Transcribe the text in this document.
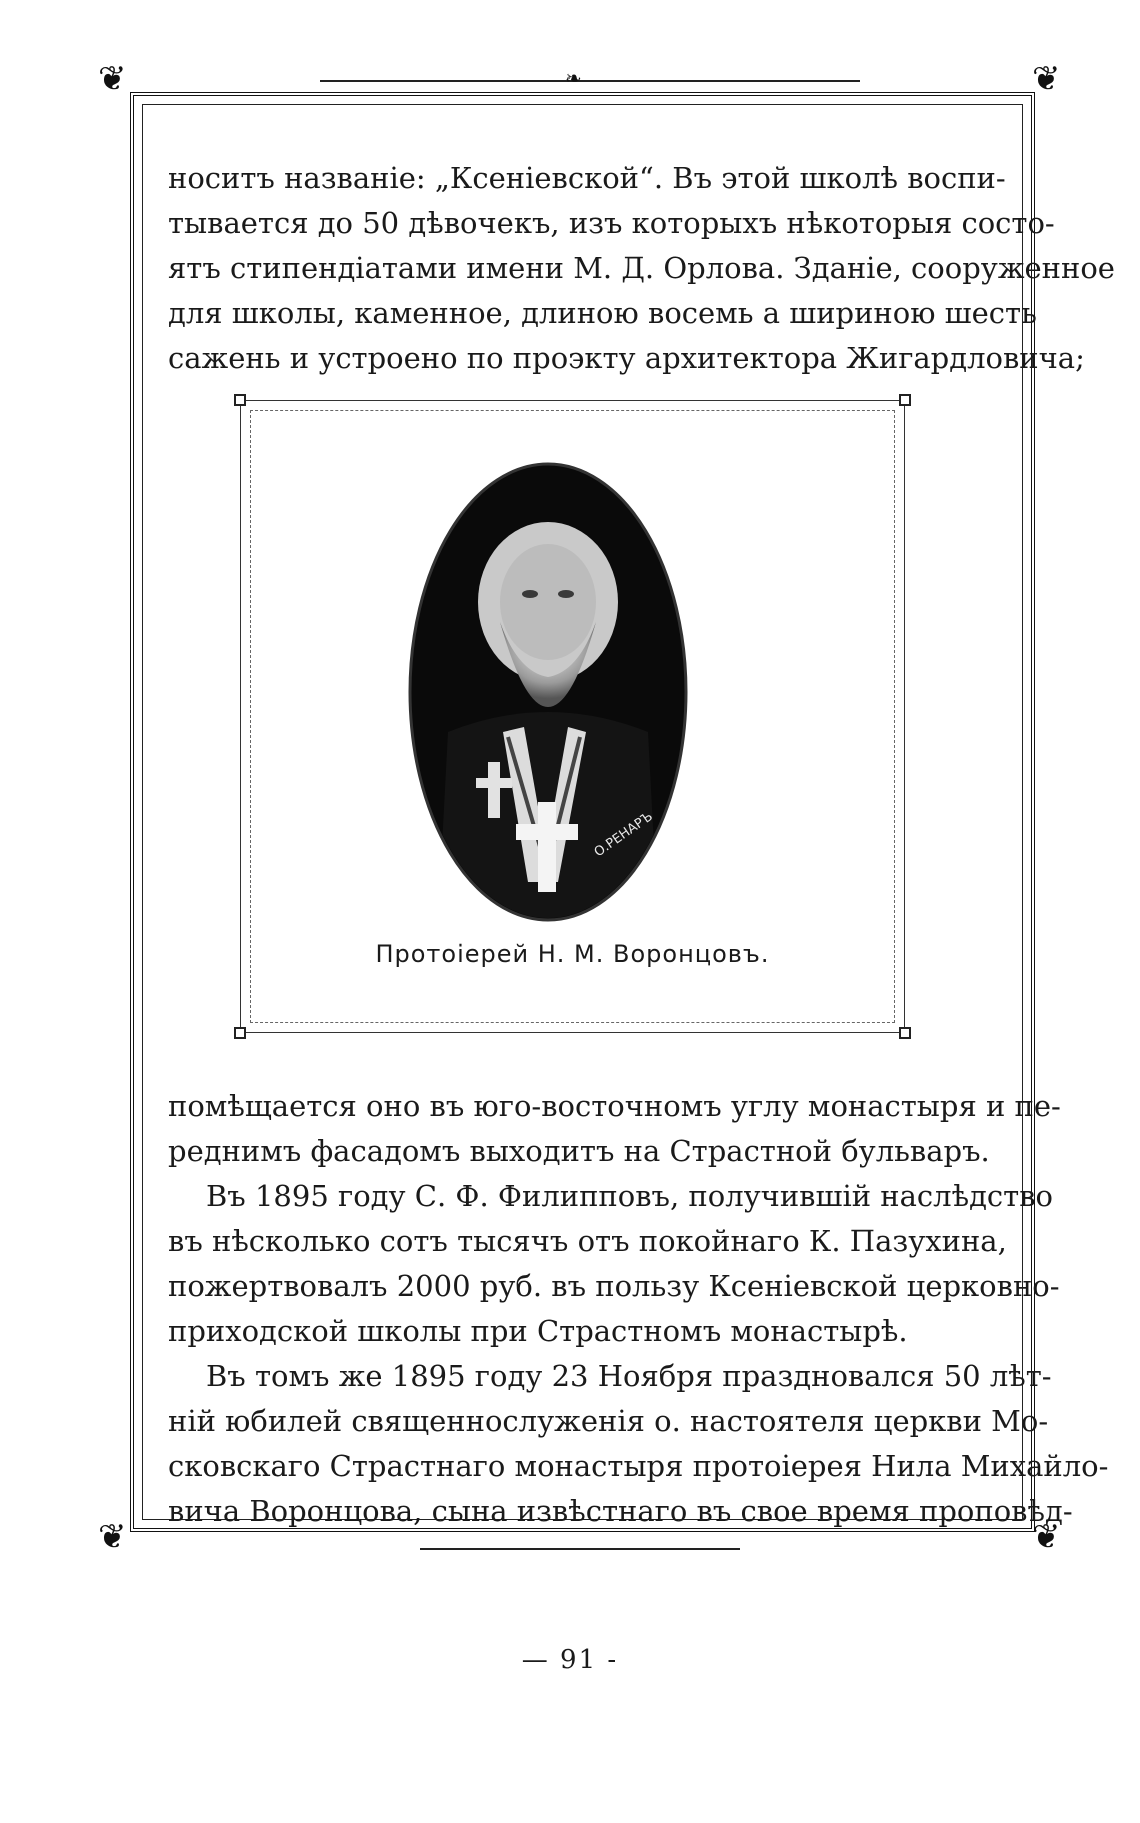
❦	❦
❦	❦
❧
носитъ названіе: „Ксеніевской“. Въ этой школѣ воспи-
тывается до 50 дѣвочекъ, изъ которыхъ нѣкоторыя состо-
ятъ стипендіатами имени М. Д. Орлова. Зданіе, сооруженное
для школы, каменное, длиною восемь а шириною шесть
сажень и устроено по проэкту архитектора Жигардловича;
О.РЕНАРЪ
Протоіерей Н. М. Воронцовъ.
помѣщается оно въ юго-восточномъ углу монастыря и пе-
реднимъ фасадомъ выходитъ на Страстной бульваръ.
Въ 1895 году С. Ф. Филипповъ, получившій наслѣдство
въ нѣсколько сотъ тысячъ отъ покойнаго К. Пазухина,
пожертвовалъ 2000 руб. въ пользу Ксеніевской церковно-
приходской школы при Страстномъ монастырѣ.
Въ томъ же 1895 году 23 Ноября праздновался 50 лѣт-
ній юбилей священнослуженія о. настоятеля церкви Мо-
сковскаго Страстнаго монастыря протоіерея Нила Михайло-
вича Воронцова, сына извѣстнаго въ свое время проповѣд-
— 91 -
